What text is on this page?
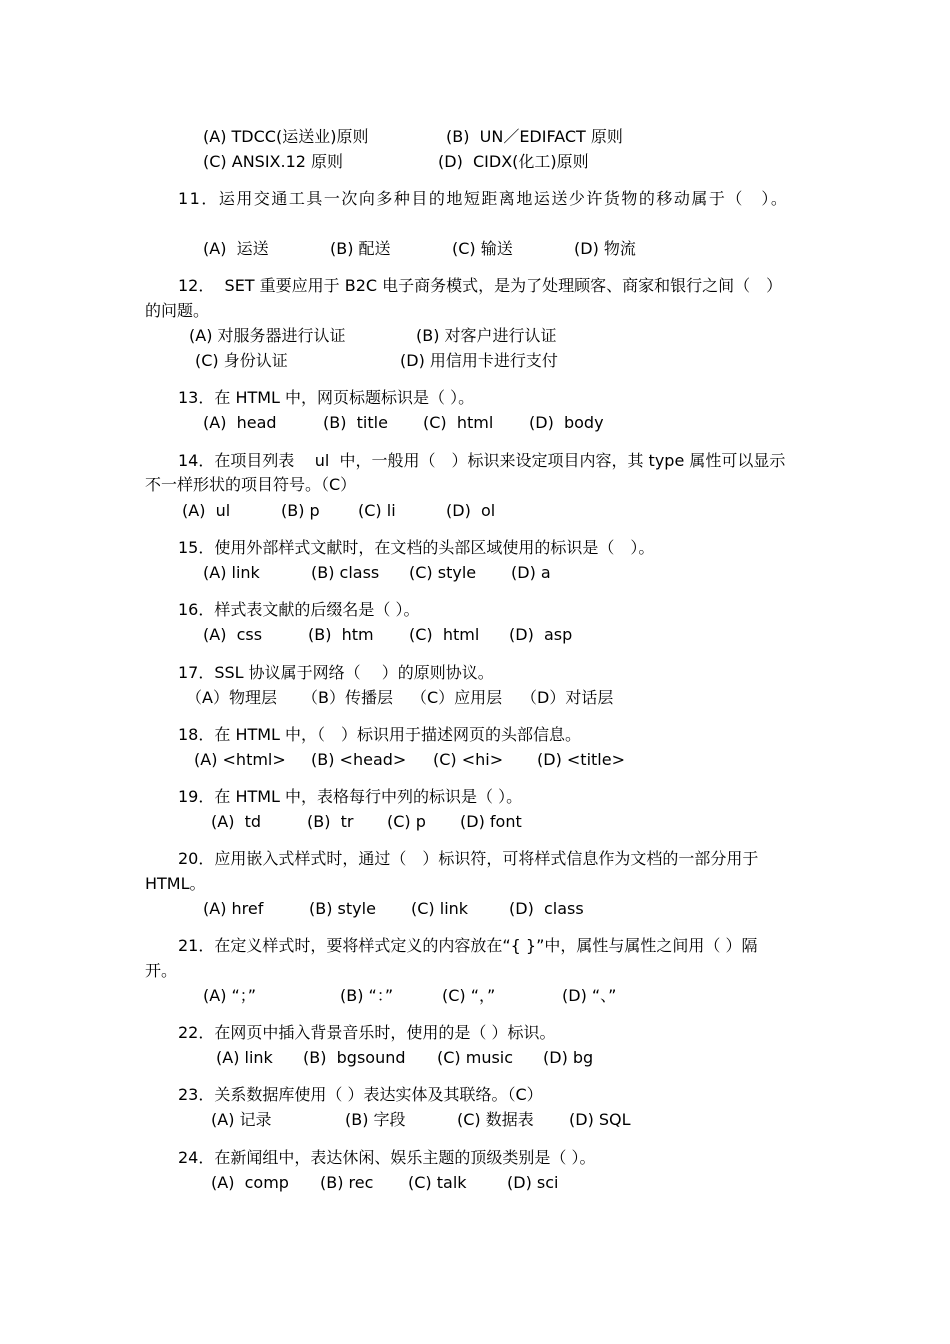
(A) TDCC(运送业)原则	(B)  UN／EDIFACT 原则
(C) ANSIX.12 原则	(D)  CIDX(化工)原则
11．运用交通工具一次向多种目的地短距离地运送少许货物的移动属于（　）。
(A)  运送	(B) 配送	(C) 输送	(D) 物流
12．  SET 重要应用于 B2C 电子商务模式，是为了处理顾客、商家和银行之间（　）
的问题。
(A) 对服务器进行认证	(B) 对客户进行认证
(C) 身份认证	(D) 用信用卡进行支付
13．在 HTML 中，网页标题标识是（ ）。
(A)  head	(B)  title (C)  html (D)  body
14．在项目列表    ul  中，一般用（　）标识来设定项目内容，其 type 属性可以显示
不一样形状的项目符号。（C）
(A)  ul	(B) p (C) li	(D)  ol
15．使用外部样式文献时，在文档的头部区域使用的标识是（　）。
(A) link	(B) class (C) style (D) a
16．样式表文献的后缀名是（ ）。
(A)  css	(B)  htm (C)  html (D)  asp
17．SSL 协议属于网络（　 ）的原则协议。
（A）物理层 （B）传播层 （C）应用层 （D）对话层
18．在 HTML 中，（　）标识用于描述网页的头部信息。
(A) <html> (B) <head> (C) <hi> (D) <title>
19．在 HTML 中，表格每行中列的标识是（ ）。
(A)  td	(B)  tr (C) p (D) font
20．应用嵌入式样式时，通过（　）标识符，可将样式信息作为文档的一部分用于
HTML。
(A) href	(B) style (C) link	(D)  class
21．在定义样式时，要将样式定义的内容放在“{ }”中，属性与属性之间用（ ）隔
开。
(A) “；”	(B) “：”	(C) “，”	(D) “、”
22．在网页中插入背景音乐时，使用的是（ ）标识。
(A) link (B)  bgsound (C) music (D) bg
23．关系数据库使用（ ）表达实体及其联络。（C）
(A) 记录	(B) 字段	(C) 数据表 (D) SQL
24．在新闻组中，表达休闲、娱乐主题的顶级类别是（ ）。
(A)  comp (B) rec (C) talk	(D) sci
